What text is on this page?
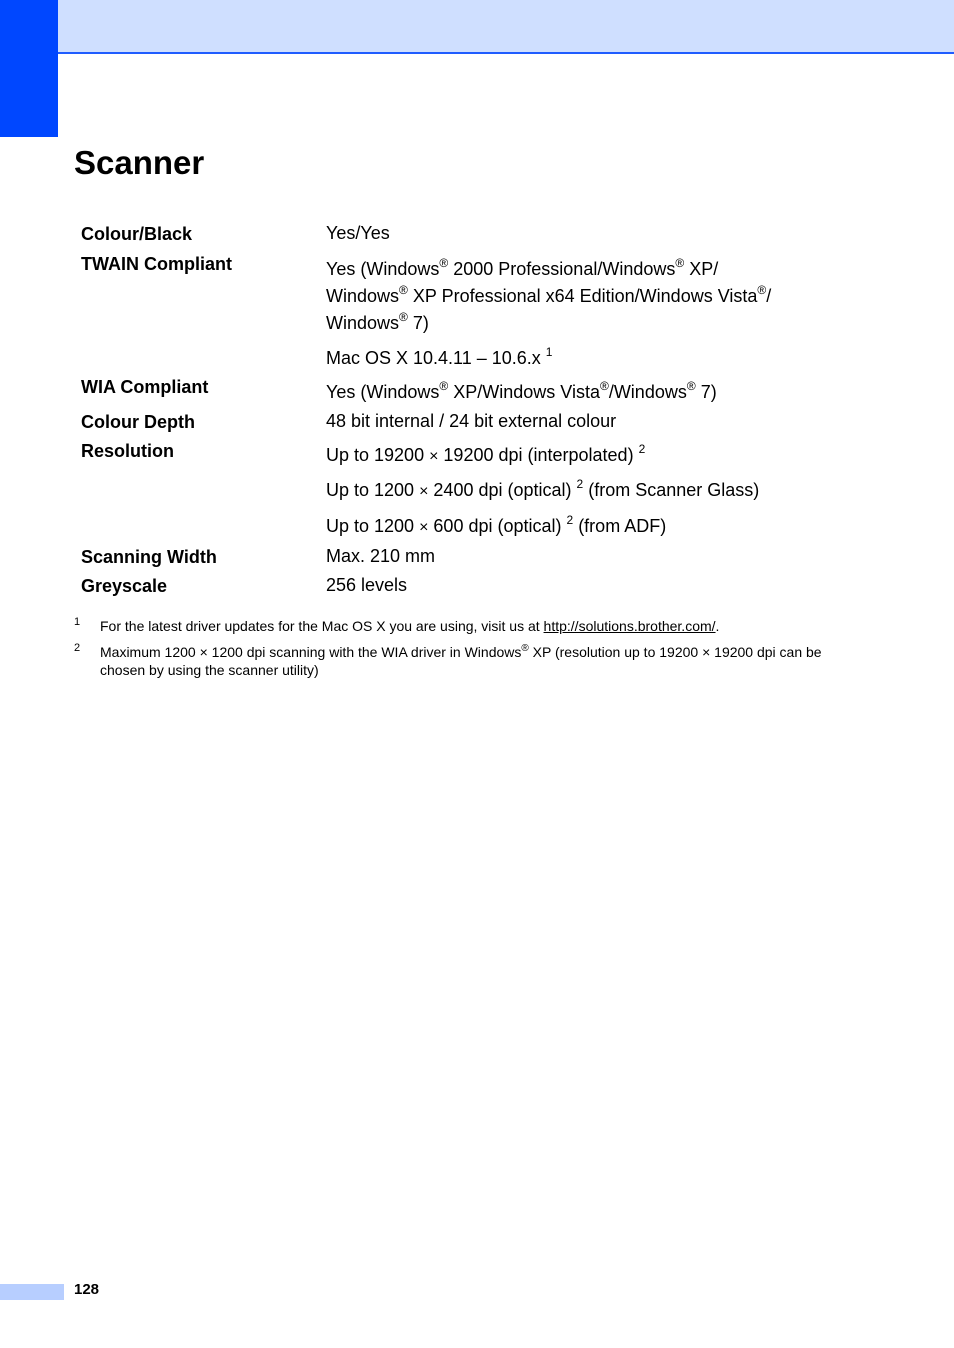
Scanner
Colour/Black	Yes/Yes
TWAIN Compliant	Yes (Windows® 2000 Professional/Windows® XP/
Windows® XP Professional x64 Edition/Windows Vista®/
Windows® 7)
Mac OS X 10.4.11 – 10.6.x $^1$
WIA Compliant	Yes (Windows® XP/Windows Vista®/Windows® 7)
Colour Depth	48 bit internal / 24 bit external colour
Resolution	Up to 19200 × 19200 dpi (interpolated) $^2$
Up to 1200 × 2400 dpi (optical) $^2$ (from Scanner Glass)
Up to 1200 × 600 dpi (optical) $^2$ (from ADF)
Scanning Width	Max. 210 mm
Greyscale	256 levels
1 For the latest driver updates for the Mac OS X you are using, visit us at http://solutions.brother.com/.
2 Maximum 1200 × 1200 dpi scanning with the WIA driver in Windows® XP (resolution up to 19200 × 19200 dpi can be
chosen by using the scanner utility)
128
